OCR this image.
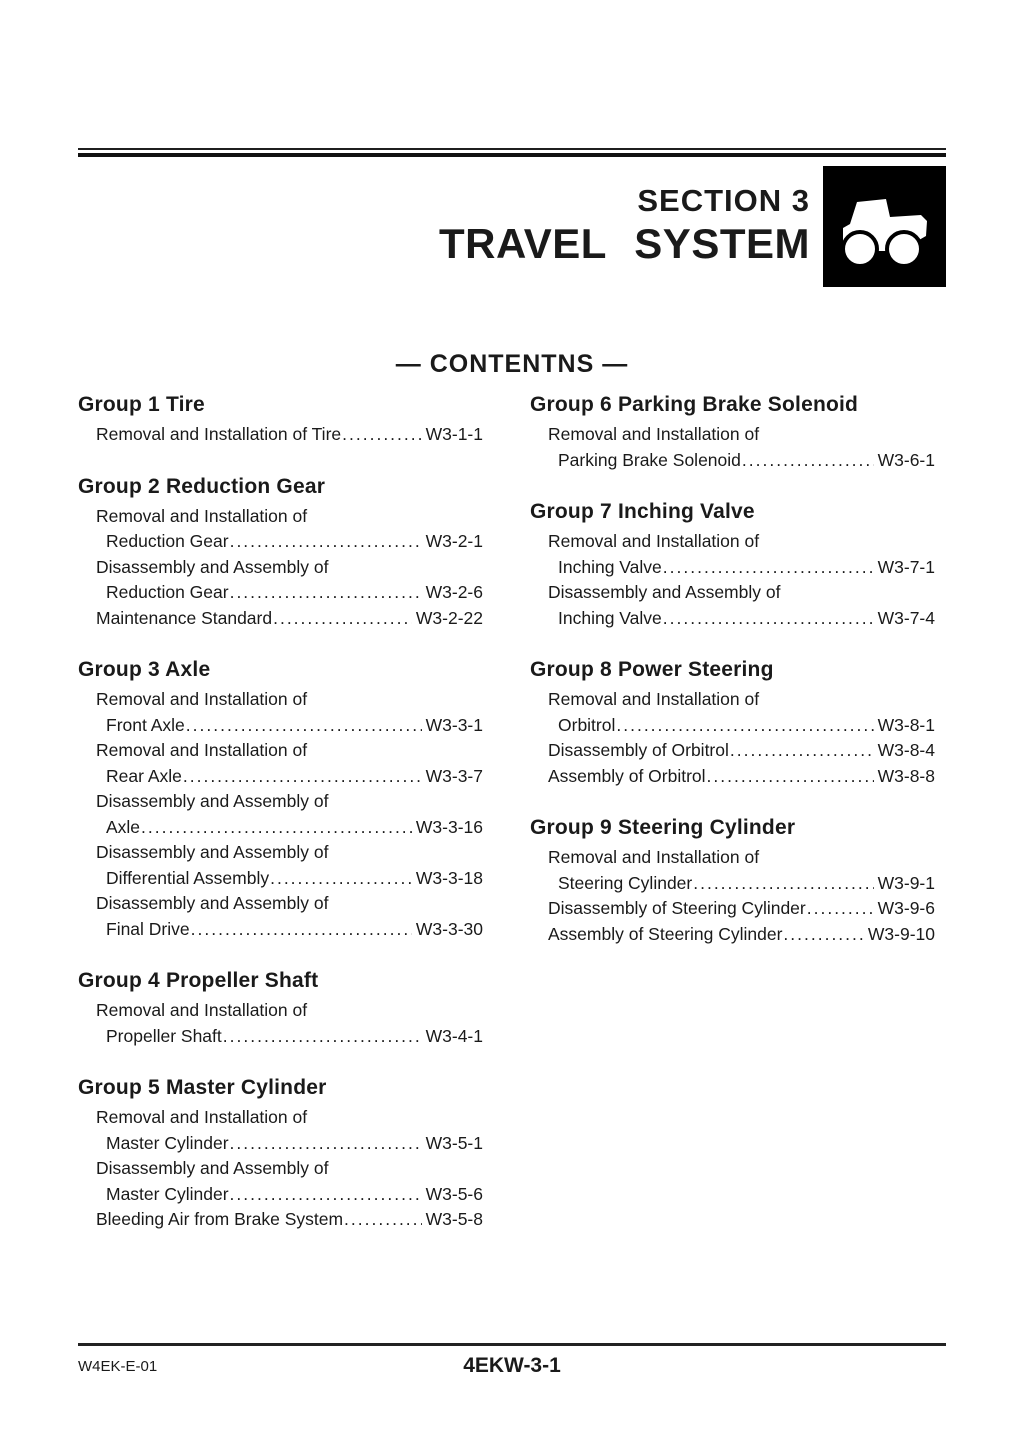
SECTION 3
TRAVEL SYSTEM
— CONTENTNS —
Group 1 Tire
Removal and Installation of Tire .....	W3-1-1
Group 2 Reduction Gear
Removal and Installation of
Reduction Gear .....	W3-2-1
Disassembly and Assembly of
Reduction Gear .....	W3-2-6
Maintenance Standard .....	W3-2-22
Group 3 Axle
Removal and Installation of
Front Axle .....	W3-3-1
Removal and Installation of
Rear Axle .....	W3-3-7
Disassembly and Assembly of
Axle .....	W3-3-16
Disassembly and Assembly of
Differential Assembly .....	W3-3-18
Disassembly and Assembly of
Final Drive .....	W3-3-30
Group 4 Propeller Shaft
Removal and Installation of
Propeller Shaft .....	W3-4-1
Group 5 Master Cylinder
Removal and Installation of
Master Cylinder .....	W3-5-1
Disassembly and Assembly of
Master Cylinder .....	W3-5-6
Bleeding Air from Brake System .....	W3-5-8
Group 6 Parking Brake Solenoid
Removal and Installation of
Parking Brake Solenoid .....	W3-6-1
Group 7 Inching Valve
Removal and Installation of
Inching Valve .....	W3-7-1
Disassembly and Assembly of
Inching Valve .....	W3-7-4
Group 8 Power Steering
Removal and Installation of
Orbitrol .....	W3-8-1
Disassembly of Orbitrol .....	W3-8-4
Assembly of Orbitrol .....	W3-8-8
Group 9 Steering Cylinder
Removal and Installation of
Steering Cylinder .....	W3-9-1
Disassembly of Steering Cylinder .....	W3-9-6
Assembly of Steering Cylinder .....	W3-9-10
W4EK-E-01	4EKW-3-1
